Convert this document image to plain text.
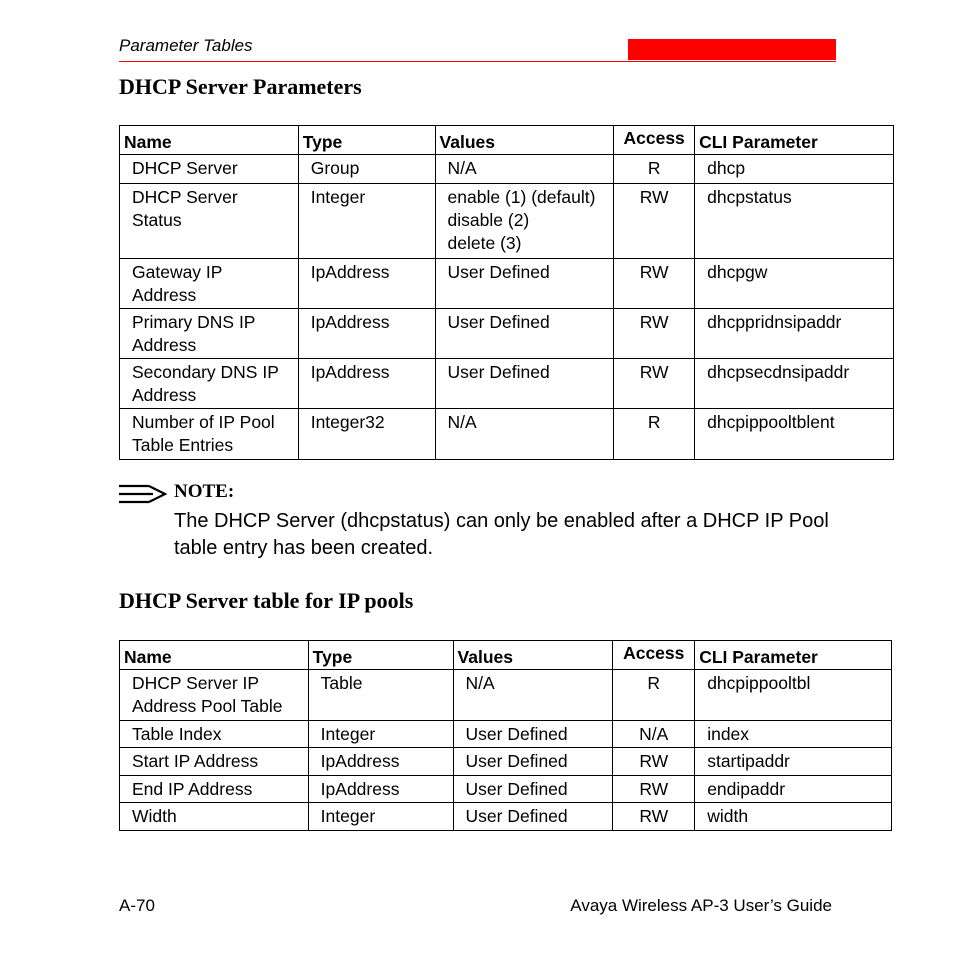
Parameter Tables
DHCP Server Parameters
Name	Type	Values	Access	CLI Parameter

DHCP Server	Group	N/A	R	dhcp

DHCP Server
Status	Integer	enable (1) (default)
disable (2)
delete (3)	RW	dhcpstatus

Gateway IP
Address	IpAddress	User Defined	RW	dhcpgw

Primary DNS IP
Address	IpAddress	User Defined	RW	dhcppridnsipaddr

Secondary DNS IP
Address	IpAddress	User Defined	RW	dhcpsecdnsipaddr

Number of IP Pool
Table Entries	Integer32	N/A	R	dhcpippooltblent
NOTE:
The DHCP Server (dhcpstatus) can only be enabled after a DHCP IP Pool table entry has been created.
DHCP Server table for IP pools
Name	Type	Values	Access	CLI Parameter

DHCP Server IP
Address Pool Table	Table	N/A	R	dhcpippooltbl

Table Index	Integer	User Defined	N/A	index

Start IP Address	IpAddress	User Defined	RW	startipaddr

End IP Address	IpAddress	User Defined	RW	endipaddr

Width	Integer	User Defined	RW	width
A-70	Avaya Wireless AP-3 User’s Guide
